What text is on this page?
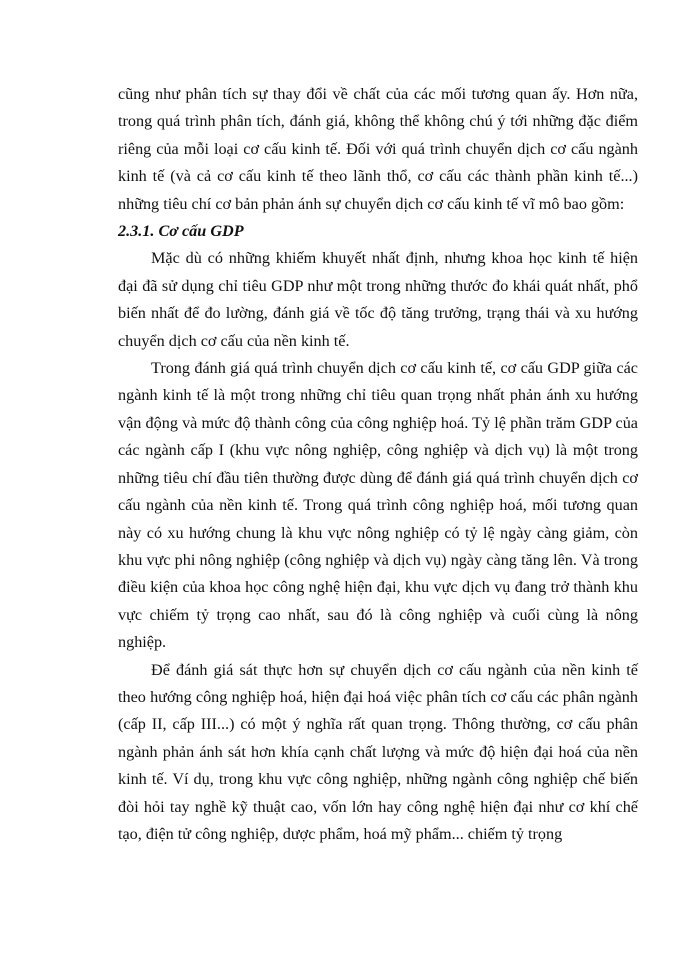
cũng như phân tích sự thay đổi về chất của các mối tương quan ấy. Hơn nữa, trong quá trình phân tích, đánh giá, không thể không chú ý tới những đặc điểm riêng của mỗi loại cơ cấu kinh tế. Đối với quá trình chuyển dịch cơ cấu ngành kinh tế (và cả cơ cấu kinh tế theo lãnh thổ, cơ cấu các thành phần kinh tế...) những tiêu chí cơ bản phản ánh sự chuyển dịch cơ cấu kinh tế vĩ mô bao gồm:

2.3.1. Cơ cấu GDP

Mặc dù có những khiếm khuyết nhất định, nhưng khoa học kinh tế hiện đại đã sử dụng chỉ tiêu GDP như một trong những thước đo khái quát nhất, phổ biến nhất để đo lường, đánh giá về tốc độ tăng trưởng, trạng thái và xu hướng chuyển dịch cơ cấu của nền kinh tế.

Trong đánh giá quá trình chuyển dịch cơ cấu kinh tế, cơ cấu GDP giữa các ngành kinh tế là một trong những chỉ tiêu quan trọng nhất phản ánh xu hướng vận động và mức độ thành công của công nghiệp hoá. Tỷ lệ phần trăm GDP của các ngành cấp I (khu vực nông nghiệp, công nghiệp và dịch vụ) là một trong những tiêu chí đầu tiên thường được dùng để đánh giá quá trình chuyển dịch cơ cấu ngành của nền kinh tế. Trong quá trình công nghiệp hoá, mối tương quan này có xu hướng chung là khu vực nông nghiệp có tỷ lệ ngày càng giảm, còn khu vực phi nông nghiệp (công nghiệp và dịch vụ) ngày càng tăng lên. Và trong điều kiện của khoa học công nghệ hiện đại, khu vực dịch vụ đang trở thành khu vực chiếm tỷ trọng cao nhất, sau đó là công nghiệp và cuối cùng là nông nghiệp.

Để đánh giá sát thực hơn sự chuyển dịch cơ cấu ngành của nền kinh tế theo hướng công nghiệp hoá, hiện đại hoá việc phân tích cơ cấu các phân ngành (cấp II, cấp III...) có một ý nghĩa rất quan trọng. Thông thường, cơ cấu phân ngành phản ánh sát hơn khía cạnh chất lượng và mức độ hiện đại hoá của nền kinh tế. Ví dụ, trong khu vực công nghiệp, những ngành công nghiệp chế biến đòi hỏi tay nghề kỹ thuật cao, vốn lớn hay công nghệ hiện đại như cơ khí chế tạo, điện tử công nghiệp, dược phẩm, hoá mỹ phẩm... chiếm tỷ trọng
